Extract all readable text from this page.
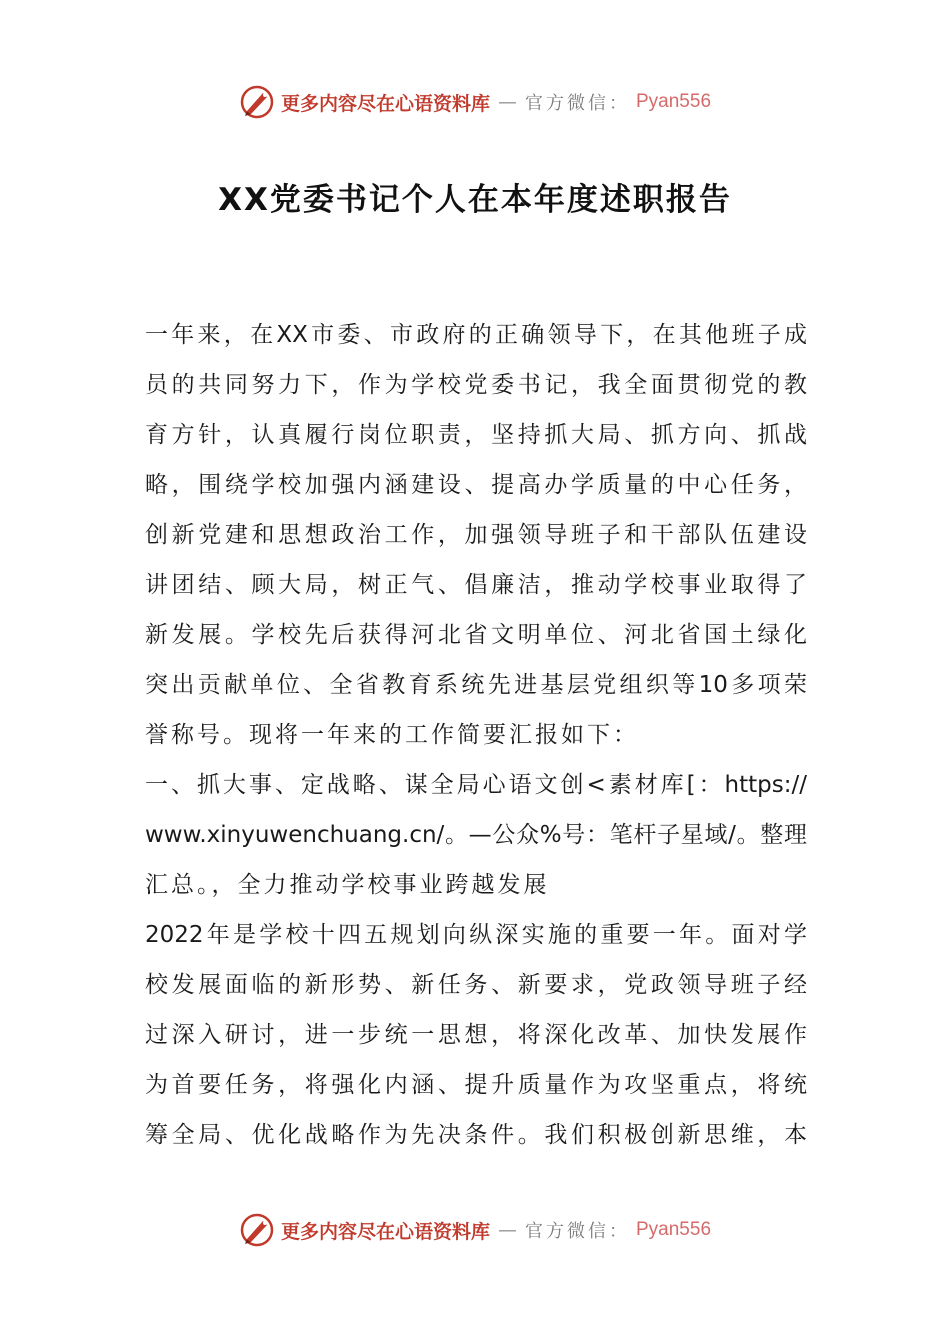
更多内容尽在心语资料库 — 官方微信： Pyan556
XX党委书记个人在本年度述职报告
一年来，在XX市委、市政府的正确领导下，在其他班子成
员的共同努力下，作为学校党委书记，我全面贯彻党的教
育方针，认真履行岗位职责，坚持抓大局、抓方向、抓战
略，围绕学校加强内涵建设、提高办学质量的中心任务，
创新党建和思想政治工作，加强领导班子和干部队伍建设
讲团结、顾大局，树正气、倡廉洁，推动学校事业取得了
新发展。学校先后获得河北省文明单位、河北省国土绿化
突出贡献单位、全省教育系统先进基层党组织等10多项荣
誉称号。现将一年来的工作简要汇报如下：
一、抓大事、定战略、谋全局心语文创<素材库[：https://
www.xinyuwenchuang.cn/。—公众%号：笔杆子星域/。整理
汇总。，全力推动学校事业跨越发展
2022年是学校十四五规划向纵深实施的重要一年。面对学
校发展面临的新形势、新任务、新要求，党政领导班子经
过深入研讨，进一步统一思想，将深化改革、加快发展作
为首要任务，将强化内涵、提升质量作为攻坚重点，将统
筹全局、优化战略作为先决条件。我们积极创新思维，本
更多内容尽在心语资料库 — 官方微信： Pyan556
